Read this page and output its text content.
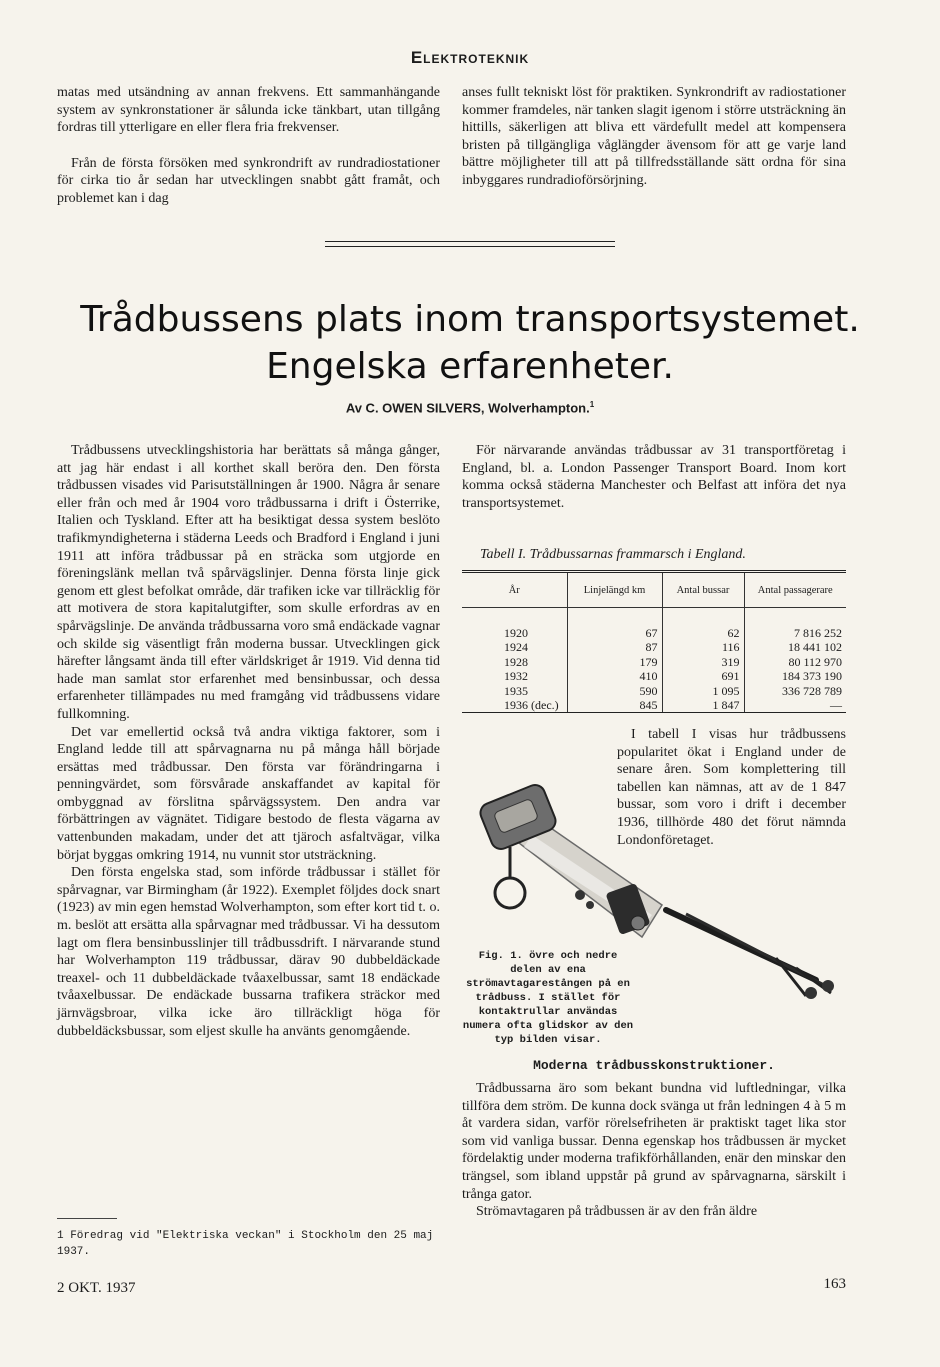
Elektroteknik

matas med utsändning av annan frekvens. Ett sammanhängande system av synkronstationer är sålunda icke tänkbart, utan tillgång fordras till ytterligare en eller flera fria frekvenser.

Från de första försöken med synkrondrift av rundradiostationer för cirka tio år sedan har utvecklingen snabbt gått framåt, och problemet kan i dag

anses fullt tekniskt löst för praktiken. Synkrondrift av radiostationer kommer framdeles, när tanken slagit igenom i större utsträckning än hittills, säkerligen att bliva ett värdefullt medel att kompensera bristen på tillgängliga våglängder ävensom för att ge varje land bättre möjligheter till att på tillfredsställande sätt ordna för sina inbyggares rundradioförsörjning.

Trådbussens plats inom transportsystemet.
Engelska erfarenheter.
Av C. OWEN SILVERS, Wolverhampton.$^1$

Trådbussens utvecklingshistoria har berättats så många gånger, att jag här endast i all korthet skall beröra den. Den första trådbussen visades vid Parisutställningen år 1900. Några år senare eller från och med år 1904 voro trådbussarna i drift i Österrike, Italien och Tyskland. Efter att ha besiktigat dessa system beslöto trafikmyndigheterna i städerna Leeds och Bradford i England i juni 1911 att införa trådbussar på en sträcka som utgjorde en föreningslänk mellan två spårvägslinjer. Denna första linje gick genom ett glest befolkat område, där trafiken icke var tillräcklig för att motivera de stora kapitalutgifter, som skulle erfordras av en spårvägslinje. De använda trådbussarna voro små endäckade vagnar och skilde sig väsentligt från moderna bussar. Utvecklingen gick härefter långsamt ända till efter världskriget år 1919. Vid denna tid hade man samlat stor erfarenhet med bensinbussar, och dessa erfarenheter tillämpades nu med framgång vid trådbussens vidare fullkomning.

Det var emellertid också två andra viktiga faktorer, som i England ledde till att spårvagnarna nu på många håll började ersättas med trådbussar. Den första var förändringarna i penningvärdet, som försvårade anskaffandet av kapital för ombyggnad av förslitna spårvägssystem. Den andra var förbättringen av vägnätet. Tidigare bestodo de flesta vägarna av vattenbunden makadam, under det att tjäroch asfaltvägar, vilka börjat byggas omkring 1914, nu vunnit stor utsträckning.

Den första engelska stad, som införde trådbussar i stället för spårvagnar, var Birmingham (år 1922). Exemplet följdes dock snart (1923) av min egen hemstad Wolverhampton, som efter kort tid t. o. m. beslöt att ersätta alla spårvagnar med trådbussar. Vi ha dessutom lagt om flera bensinbusslinjer till trådbussdrift. I närvarande stund har Wolverhampton 119 trådbussar, därav 90 dubbeldäckade treaxel- och 11 dubbeldäckade tvåaxelbussar, samt 18 endäckade tvåaxelbussar. De endäckade bussarna trafikera sträckor med järnvägsbroar, vilka icke äro tillräckligt höga för dubbeldäcksbussar, som eljest skulle ha använts genomgående.

1 Föredrag vid "Elektriska veckan" i Stockholm den 25 maj 1937.

För närvarande användas trådbussar av 31 transportföretag i England, bl. a. London Passenger Transport Board. Inom kort komma också städerna Manchester och Belfast att införa det nya transportsystemet.

Tabell I. Trådbussarnas frammarsch i England.
År	Linjelängd km	Antal bussar	Antal passagerare

1920	67	62	7 816 252
1924	87	116	18 441 102
1928	179	319	80 112 970
1932	410	691	184 373 190
1935	590	1 095	336 728 789
1936 (dec.)	845	1 847	—

I tabell I visas hur trådbussens popularitet ökat i England under de senare åren. Som komplettering till tabellen kan nämnas, att av de 1 847 bussar, som voro i drift i december 1936, tillhörde 480 det förut nämnda Londonföretaget.

Fig. 1. övre och nedre delen av ena strömavtagarestången på en trådbuss. I stället för kontaktrullar användas numera ofta glidskor av den typ bilden visar.
Moderna trådbusskonstruktioner.

Trådbussarna äro som bekant bundna vid luftledningar, vilka tillföra dem ström. De kunna dock svänga ut från ledningen 4 à 5 m åt vardera sidan, varför rörelsefriheten är praktiskt taget lika stor som vid vanliga bussar. Denna egenskap hos trådbussen är mycket fördelaktig under moderna trafikförhållanden, enär den minskar den trängsel, som ibland uppstår på grund av spårvagnarna, särskilt i trånga gator.

Strömavtagaren på trådbussen är av den från äldre

2 OKT. 1937	163
